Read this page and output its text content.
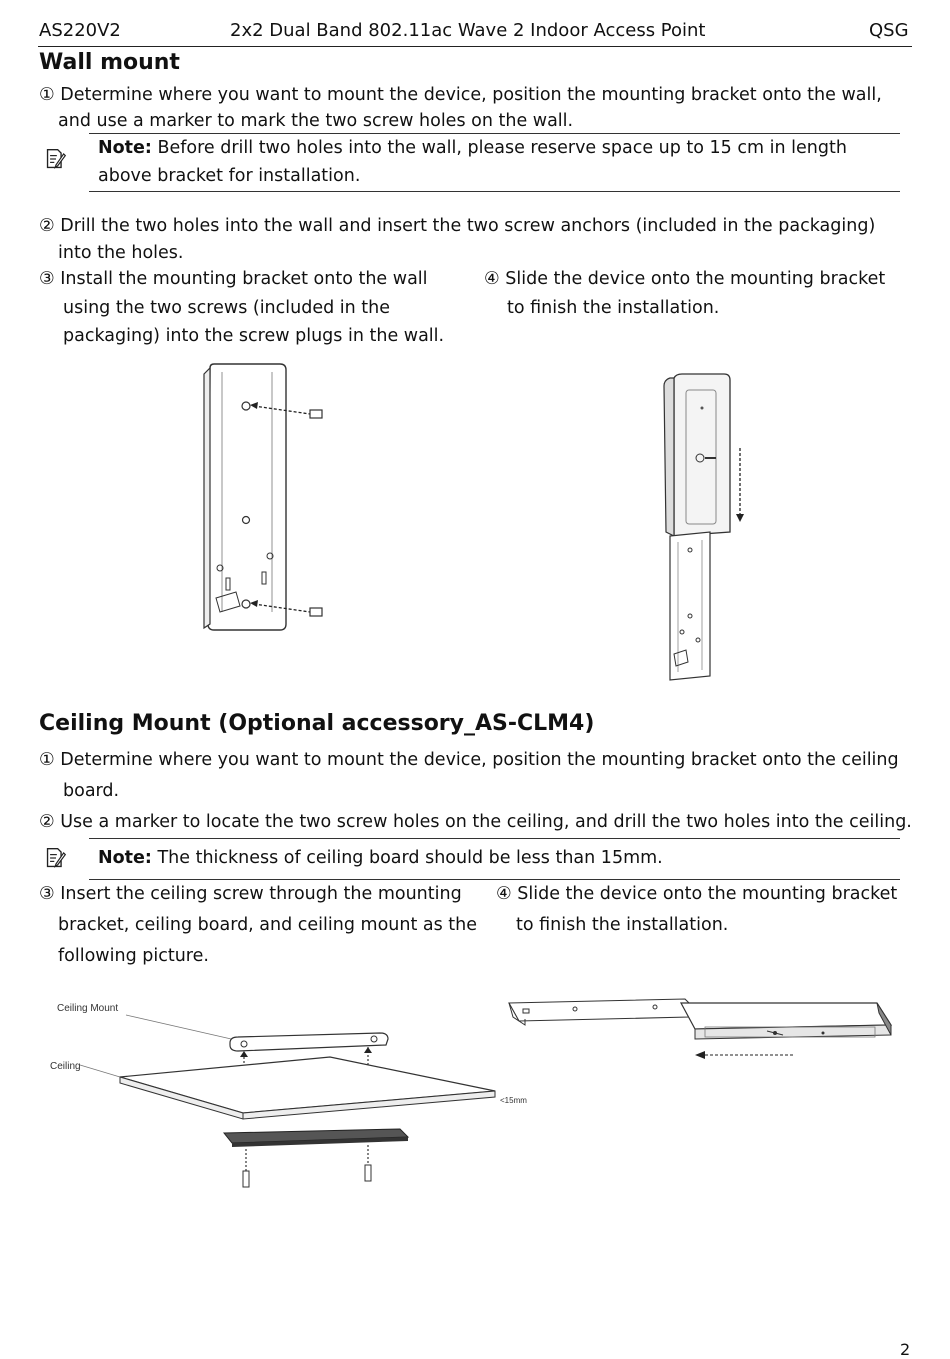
AS220V2	2x2 Dual Band 802.11ac Wave 2 Indoor Access Point	QSG
Wall mount
① Determine where you want to mount the device, position the mounting bracket onto the wall,
and use a marker to mark the two screw holes on the wall.
Note: Before drill two holes into the wall, please reserve space up to 15 cm in length
above bracket for installation.
② Drill the two holes into the wall and insert the two screw anchors (included in the packaging)
into the holes.
③ Install the mounting bracket onto the wall
using the two screws (included in the
packaging) into the screw plugs in the wall.
④ Slide the device onto the mounting bracket
to finish the installation.
Ceiling Mount (Optional accessory_AS-CLM4)
① Determine where you want to mount the device, position the mounting bracket onto the ceiling
board.
② Use a marker to locate the two screw holes on the ceiling, and drill the two holes into the ceiling.
Note: The thickness of ceiling board should be less than 15mm.
③ Insert the ceiling screw through the mounting
bracket, ceiling board, and ceiling mount as the
following picture.
④ Slide the device onto the mounting bracket
to finish the installation.
Ceiling Mount
Ceiling
<15mm
2
